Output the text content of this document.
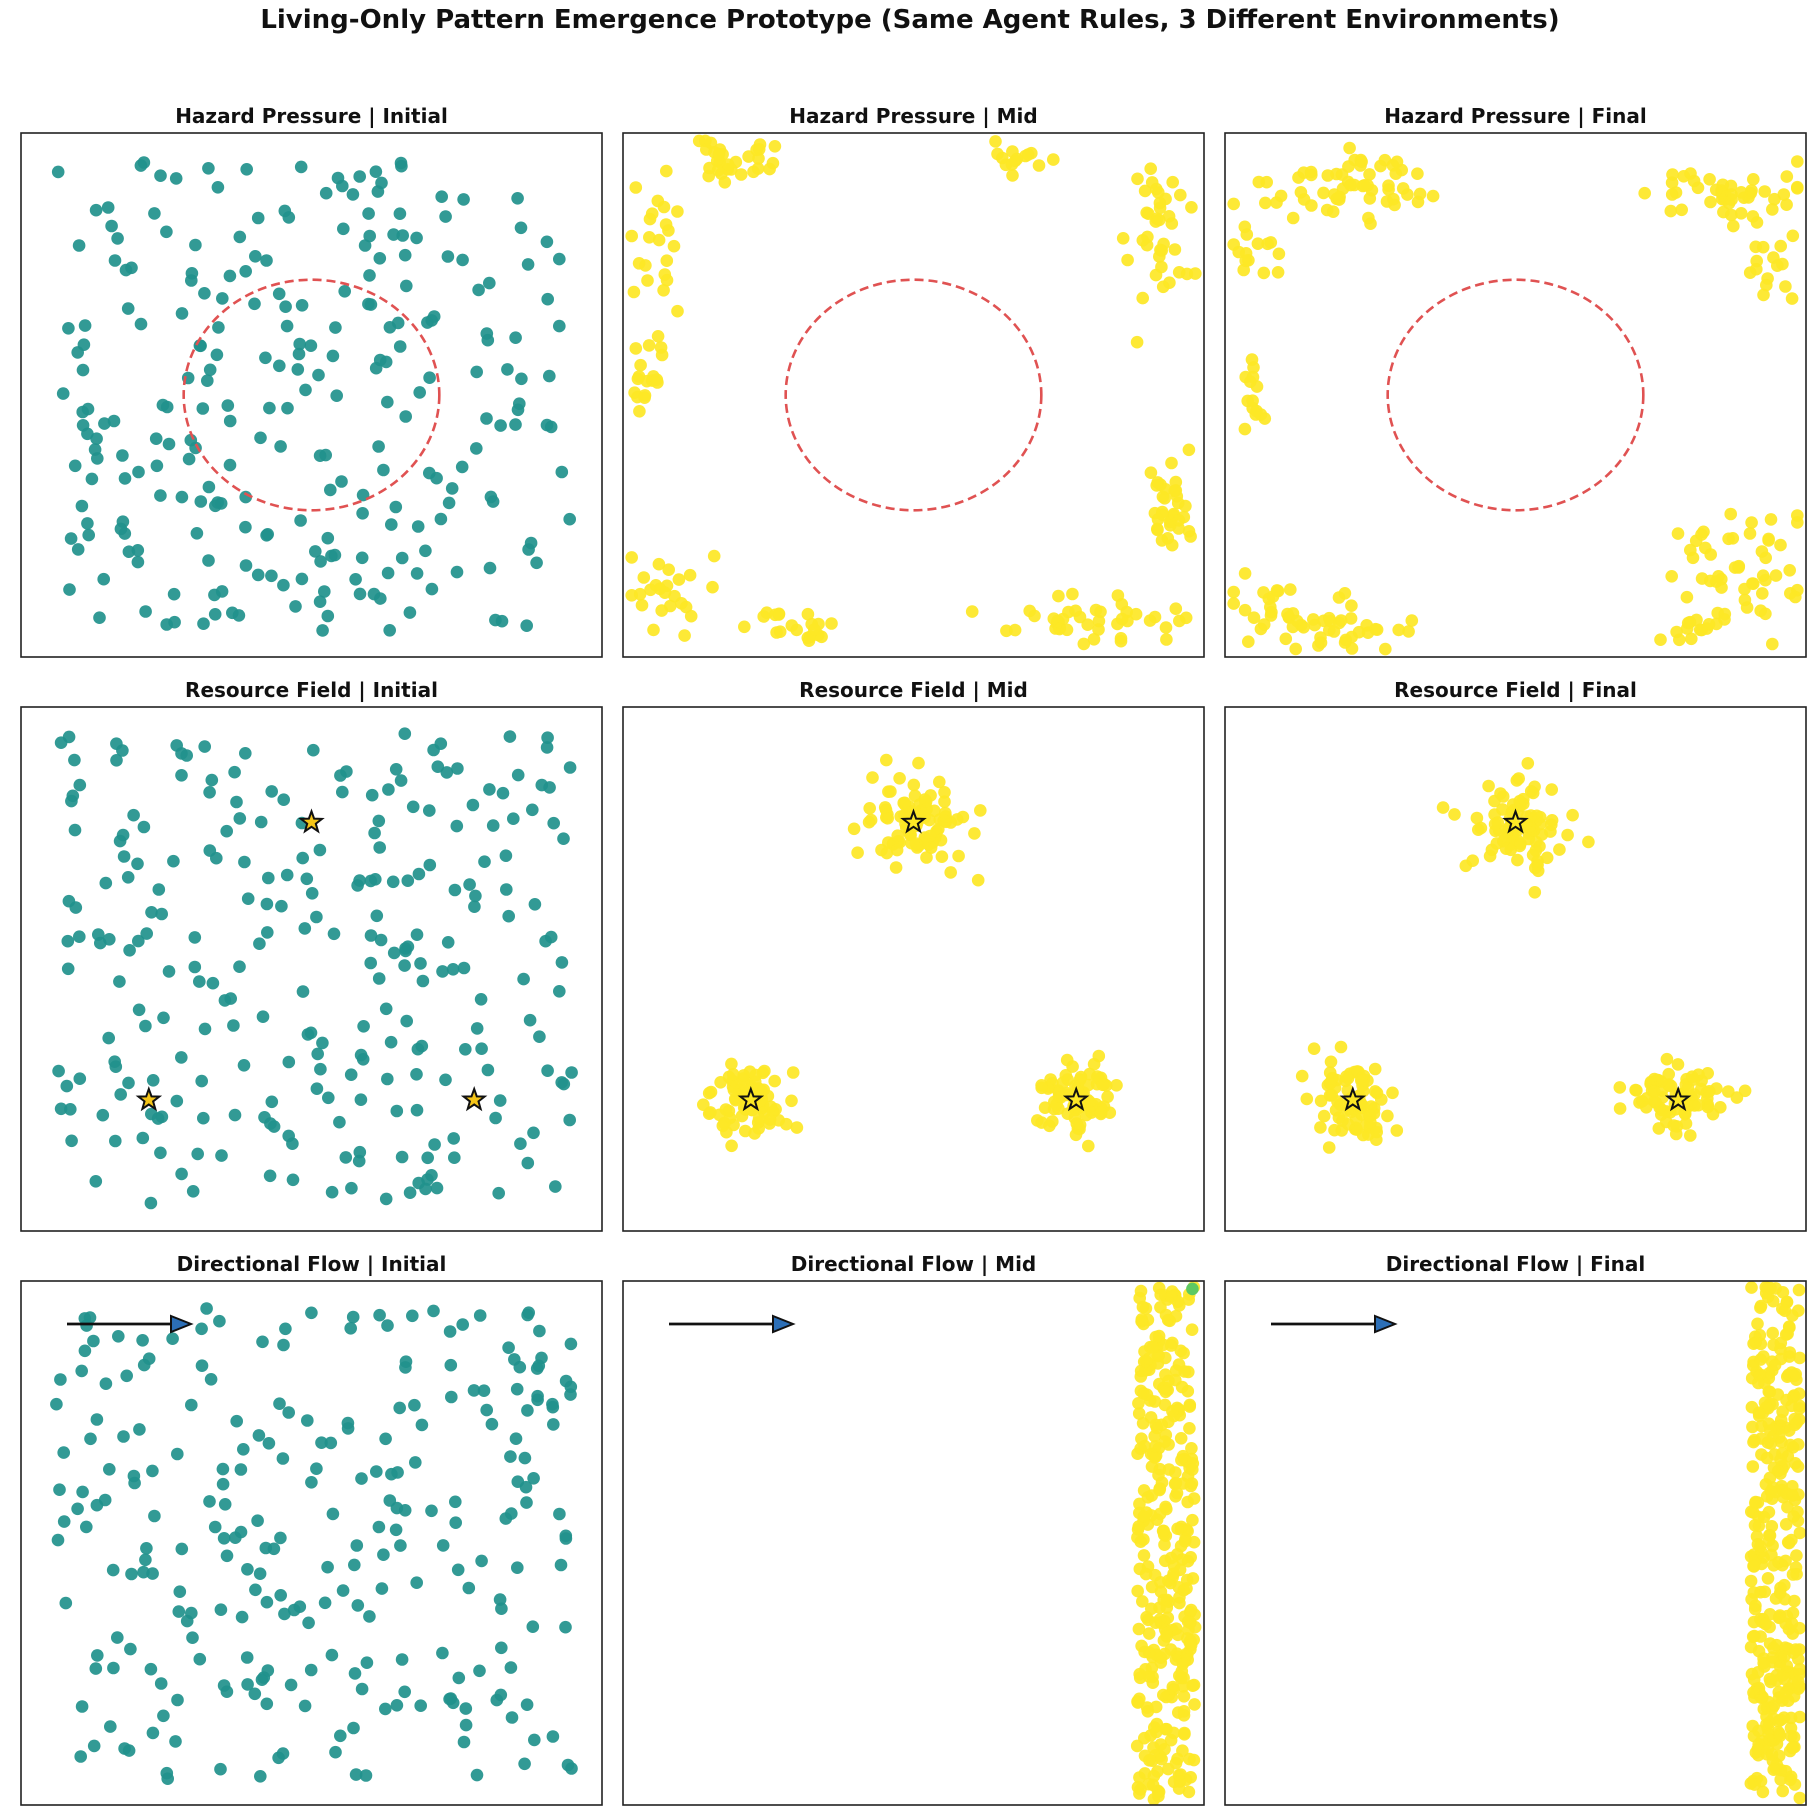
Living-Only Pattern Emergence Prototype (Same Agent Rules, 3 Different Environments)
Hazard Pressure | Initial	Hazard Pressure | Mid	Hazard Pressure | Final
Resource Field | Initial	Resource Field | Mid	Resource Field | Final
Directional Flow | Initial	Directional Flow | Mid	Directional Flow | Final
